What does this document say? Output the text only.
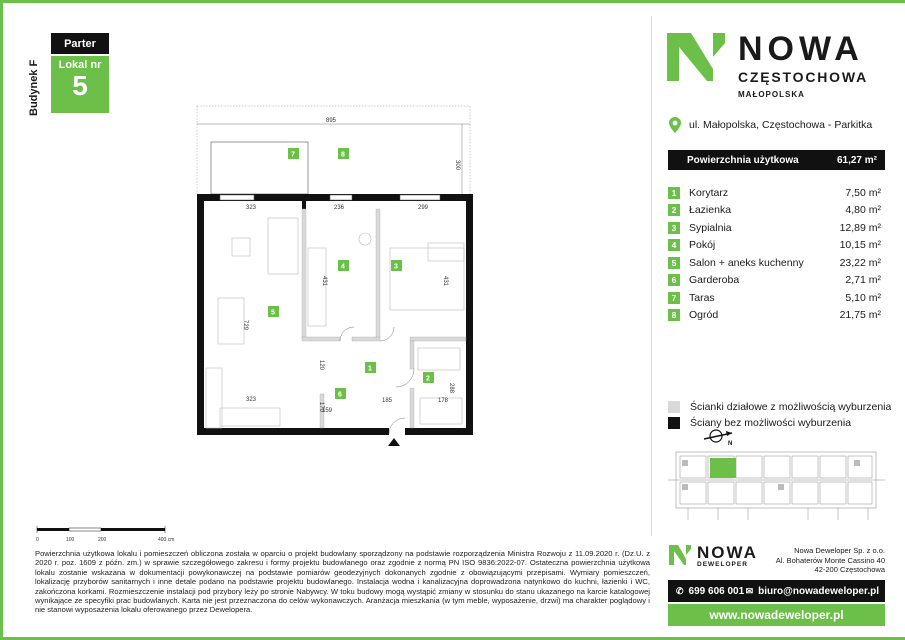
Budynek F
Parter
Lokal nr
5
NOWA
CZĘSTOCHOWA
MAŁOPOLSKA
ul. Małopolska, Częstochowa - Parkitka
Powierzchnia użytkowa	61,27 m²
1	Korytarz	7,50 m²
2	Łazienka	4,80 m²
3	Sypialnia	12,89 m²
4	Pokój	10,15 m²
5	Salon + aneks kuchenny	23,22 m²
6	Garderoba	2,71 m²
7	Taras	5,10 m²
8	Ogród	21,75 m²
Ścianki działowe z możliwością wyburzenia
Ściany bez możliwości wyburzenia
N
895
300
323	236	299
431	431
729
120
323
170
159
185	178
288
1
2
3
4
5
6
7	8
0	100	200	400 cm
Powierzchnia użytkowa lokalu i pomieszczeń obliczona została w oparciu o projekt budowlany sporządzony na podstawie rozporządzenia Ministra Rozwoju z 11.09.2020 r. (Dz.U. z 2020 r. poz. 1609 z późn. zm.) w sprawie szczegółowego zakresu i formy projektu budowlanego oraz zgodnie z normą PN ISO 9836:2022-07. Ostateczna powierzchnia użytkowa lokalu zostanie wskazana w dokumentacji powykonawczej na podstawie pomiarów geodezyjnych dokonanych zgodnie z obowiązującymi przepisami. Wymiary pomieszczeń, lokalizację przyborów sanitarnych i inne detale podano na podstawie projektu budowlanego. Instalacja wodna i kanalizacyjna doprowadzona natynkowo do kuchni, łazienki i WC, zakończona korkami. Rozmieszczenie instalacji pod przybory leży po stronie Nabywcy. W toku budowy mogą wystąpić zmiany w stosunku do stanu ukazanego na karcie katalogowej wynikające ze specyfiki prac budowlanych. Karta nie jest przeznaczona do celów wykonawczych. Aranżacja mieszkania (w tym meble, wyposażenie, drzwi) ma charakter poglądowy i nie stanowi wyposażenia lokalu oferowanego przez Dewelopera.
NOWA
DEWELOPER
Nowa Deweloper Sp. z o.o.
Al. Bohaterów Monte Cassino 40
42-200 Częstochowa
✆ 699 606 001 ✉ biuro@nowadeweloper.pl
www.nowadeweloper.pl
